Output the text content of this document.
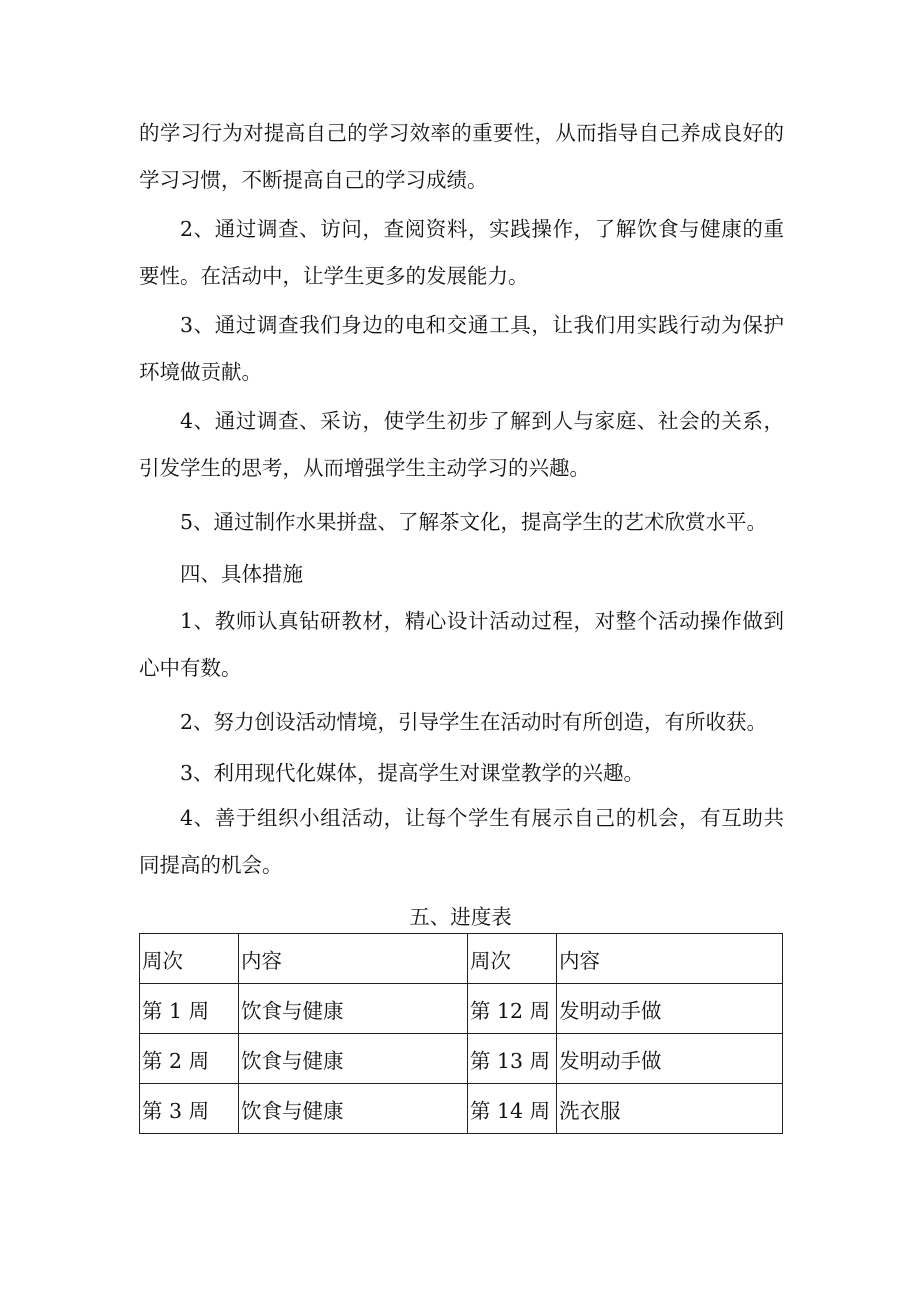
的学习行为对提高自己的学习效率的重要性，从而指导自己养成良好的学习习惯，不断提高自己的学习成绩。

2、通过调查、访问，查阅资料，实践操作，了解饮食与健康的重要性。在活动中，让学生更多的发展能力。

3、通过调查我们身边的电和交通工具，让我们用实践行动为保护环境做贡献。

4、通过调查、采访，使学生初步了解到人与家庭、社会的关系，引发学生的思考，从而增强学生主动学习的兴趣。

5、通过制作水果拼盘、了解茶文化，提高学生的艺术欣赏水平。

四、具体措施

1、教师认真钻研教材，精心设计活动过程，对整个活动操作做到心中有数。

2、努力创设活动情境，引导学生在活动时有所创造，有所收获。

3、利用现代化媒体，提高学生对课堂教学的兴趣。

4、善于组织小组活动，让每个学生有展示自己的机会，有互助共同提高的机会。

五、进度表
周次	内容	周次	内容
第 1 周	饮食与健康	第 12 周	发明动手做
第 2 周	饮食与健康	第 13 周	发明动手做
第 3 周	饮食与健康	第 14 周	洗衣服
